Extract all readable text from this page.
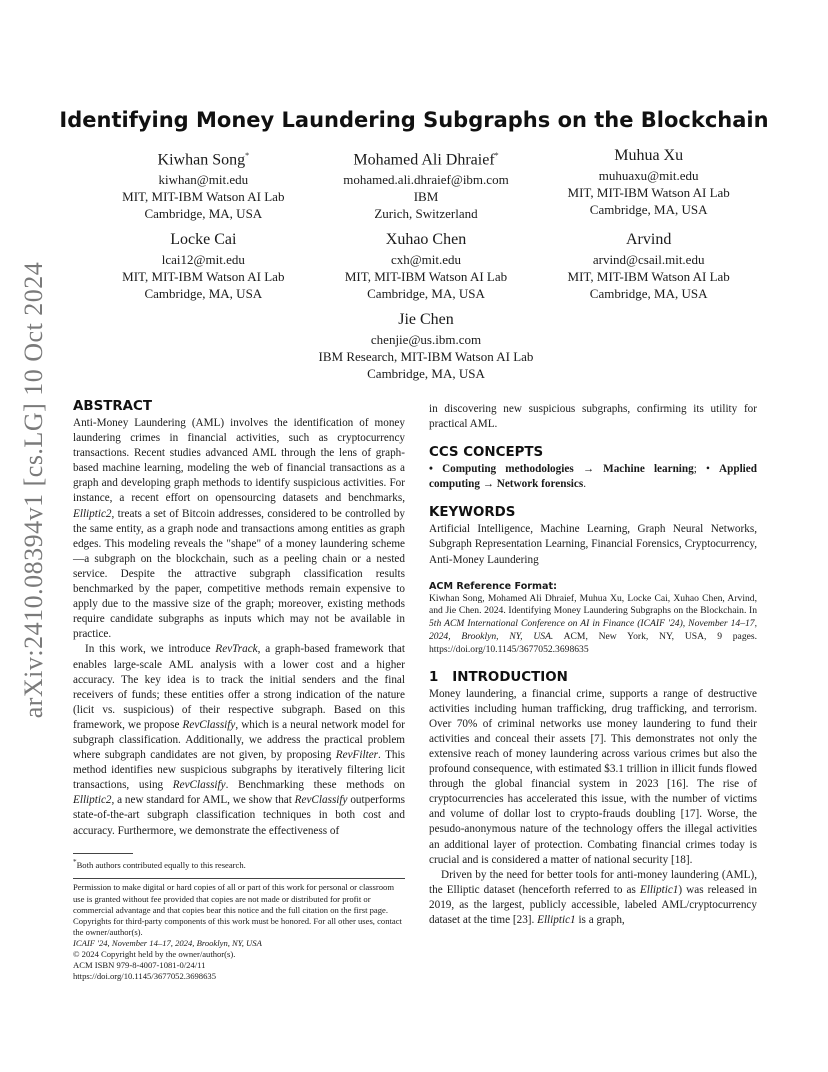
arXiv:2410.08394v1 [cs.LG] 10 Oct 2024
Identifying Money Laundering Subgraphs on the Blockchain
Kiwhan Song*
kiwhan@mit.edu
MIT, MIT-IBM Watson AI Lab
Cambridge, MA, USA
Mohamed Ali Dhraief*
mohamed.ali.dhraief@ibm.com
IBM
Zurich, Switzerland
Muhua Xu
muhuaxu@mit.edu
MIT, MIT-IBM Watson AI Lab
Cambridge, MA, USA
Locke Cai
lcai12@mit.edu
MIT, MIT-IBM Watson AI Lab
Cambridge, MA, USA
Xuhao Chen
cxh@mit.edu
MIT, MIT-IBM Watson AI Lab
Cambridge, MA, USA
Arvind
arvind@csail.mit.edu
MIT, MIT-IBM Watson AI Lab
Cambridge, MA, USA
Jie Chen
chenjie@us.ibm.com
IBM Research, MIT-IBM Watson AI Lab
Cambridge, MA, USA
ABSTRACT

Anti-Money Laundering (AML) involves the identification of money laundering crimes in financial activities, such as cryptocurrency transactions. Recent studies advanced AML through the lens of graph-based machine learning, modeling the web of financial transactions as a graph and developing graph methods to identify suspicious activities. For instance, a recent effort on opensourcing datasets and benchmarks, Elliptic2, treats a set of Bitcoin addresses, considered to be controlled by the same entity, as a graph node and transactions among entities as graph edges. This modeling reveals the "shape" of a money laundering scheme—a subgraph on the blockchain, such as a peeling chain or a nested service. Despite the attractive subgraph classification results benchmarked by the paper, competitive methods remain expensive to apply due to the massive size of the graph; moreover, existing methods require candidate subgraphs as inputs which may not be available in practice.

In this work, we introduce RevTrack, a graph-based framework that enables large-scale AML analysis with a lower cost and a higher accuracy. The key idea is to track the initial senders and the final receivers of funds; these entities offer a strong indication of the nature (licit vs. suspicious) of their respective subgraph. Based on this framework, we propose RevClassify, which is a neural network model for subgraph classification. Additionally, we address the practical problem where subgraph candidates are not given, by proposing RevFilter. This method identifies new suspicious subgraphs by iteratively filtering licit transactions, using RevClassify. Benchmarking these methods on Elliptic2, a new standard for AML, we show that RevClassify outperforms state-of-the-art subgraph classification techniques in both cost and accuracy. Furthermore, we demonstrate the effectiveness of

*Both authors contributed equally to this research.
Permission to make digital or hard copies of all or part of this work for personal or classroom use is granted without fee provided that copies are not made or distributed for profit or commercial advantage and that copies bear this notice and the full citation on the first page. Copyrights for third-party components of this work must be honored. For all other uses, contact the owner/author(s).
ICAIF '24, November 14–17, 2024, Brooklyn, NY, USA
© 2024 Copyright held by the owner/author(s).
ACM ISBN 979-8-4007-1081-0/24/11
https://doi.org/10.1145/3677052.3698635

in discovering new suspicious subgraphs, confirming its utility for practical AML.

CCS CONCEPTS

• Computing methodologies → Machine learning; • Applied computing → Network forensics.

KEYWORDS

Artificial Intelligence, Machine Learning, Graph Neural Networks, Subgraph Representation Learning, Financial Forensics, Cryptocurrency, Anti-Money Laundering

ACM Reference Format:

Kiwhan Song, Mohamed Ali Dhraief, Muhua Xu, Locke Cai, Xuhao Chen, Arvind, and Jie Chen. 2024. Identifying Money Laundering Subgraphs on the Blockchain. In 5th ACM International Conference on AI in Finance (ICAIF '24), November 14–17, 2024, Brooklyn, NY, USA. ACM, New York, NY, USA, 9 pages. https://doi.org/10.1145/3677052.3698635

1   INTRODUCTION

Money laundering, a financial crime, supports a range of destructive activities including human trafficking, drug trafficking, and terrorism. Over 70% of criminal networks use money laundering to fund their activities and conceal their assets [7]. This demonstrates not only the extensive reach of money laundering across various crimes but also the profound consequence, with estimated $3.1 trillion in illicit funds flowed through the global financial system in 2023 [16]. The rise of cryptocurrencies has accelerated this issue, with the number of victims and volume of dollar lost to crypto-frauds doubling [17]. Worse, the pesudo-anonymous nature of the technology offers the illegal activities an additional layer of protection. Combating financial crimes today is crucial and is considered a matter of national security [18].

Driven by the need for better tools for anti-money laundering (AML), the Elliptic dataset (henceforth referred to as Elliptic1) was released in 2019, as the largest, publicly accessible, labeled AML/cryptocurrency dataset at the time [23]. Elliptic1 is a graph,
